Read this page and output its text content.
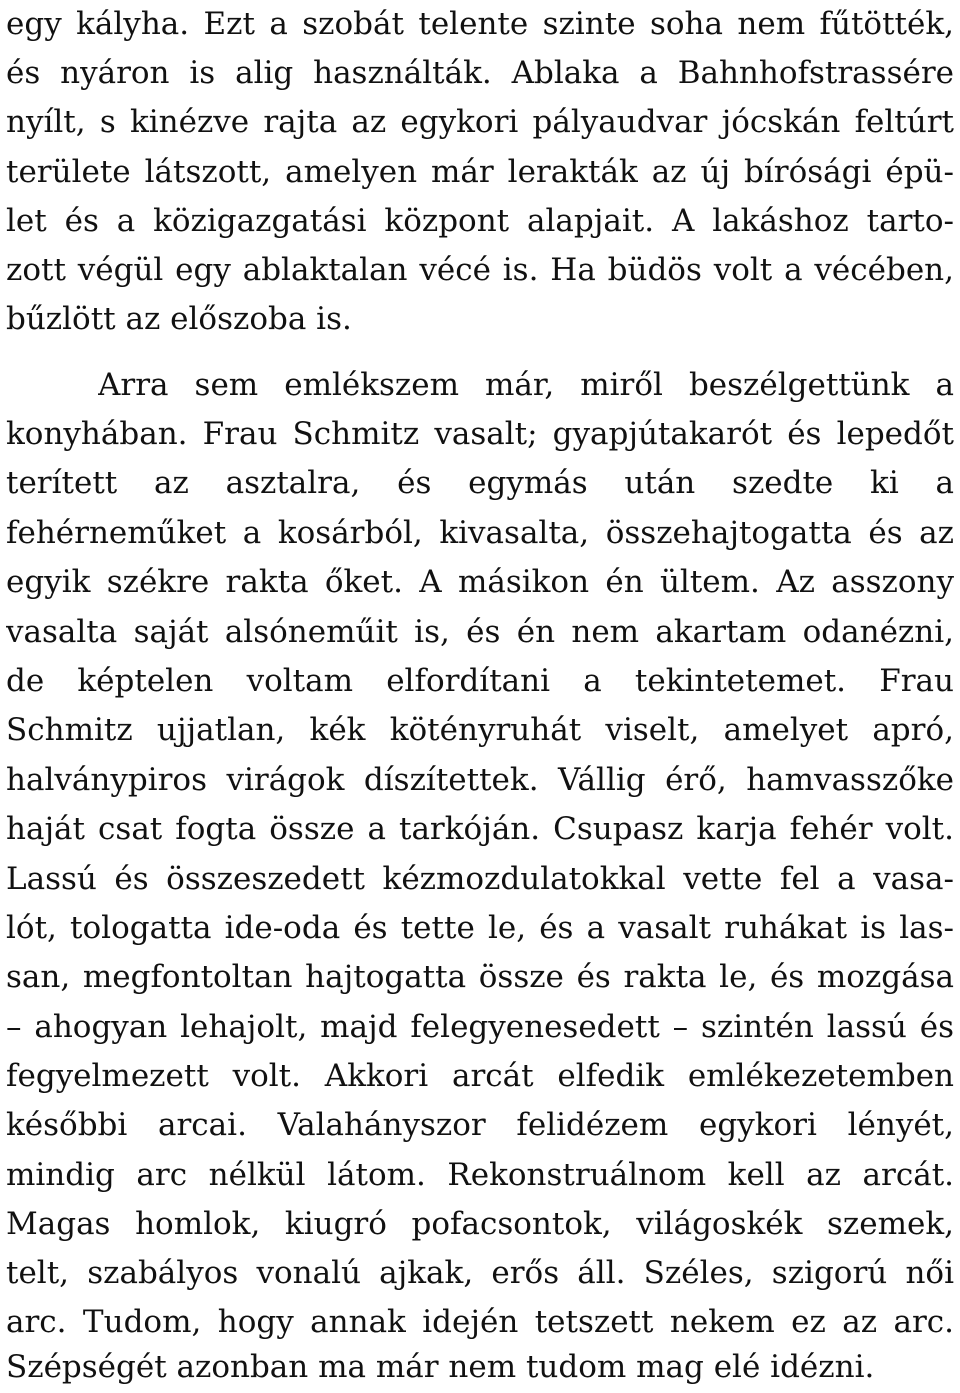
egy kályha. Ezt a szobát telente szinte soha nem fűtötték,
és nyáron is alig használták. Ablaka a Bahnhofstrassére
nyílt, s kinézve rajta az egykori pályaudvar jócskán feltúrt
területe látszott, amelyen már lerakták az új bírósági épü-
let és a közigazgatási központ alapjait. A lakáshoz tarto-
zott végül egy ablaktalan vécé is. Ha büdös volt a vécében,
bűzlött az előszoba is.
Arra sem emlékszem már, miről beszélgettünk a
konyhában. Frau Schmitz vasalt; gyapjútakarót és lepedőt
terített az asztalra, és egymás után szedte ki a
fehérneműket a kosárból, kivasalta, összehajtogatta és az
egyik székre rakta őket. A másikon én ültem. Az asszony
vasalta saját alsóneműit is, és én nem akartam odanézni,
de képtelen voltam elfordítani a tekintetemet. Frau
Schmitz ujjatlan, kék kötényruhát viselt, amelyet apró,
halványpiros virágok díszítettek. Vállig érő, hamvasszőke
haját csat fogta össze a tarkóján. Csupasz karja fehér volt.
Lassú és összeszedett kézmozdulatokkal vette fel a vasa-
lót, tologatta ide-oda és tette le, és a vasalt ruhákat is las-
san, megfontoltan hajtogatta össze és rakta le, és mozgása
– ahogyan lehajolt, majd felegyenesedett – szintén lassú és
fegyelmezett volt. Akkori arcát elfedik emlékezetemben
későbbi arcai. Valahányszor felidézem egykori lényét,
mindig arc nélkül látom. Rekonstruálnom kell az arcát.
Magas homlok, kiugró pofacsontok, világoskék szemek,
telt, szabályos vonalú ajkak, erős áll. Széles, szigorú női
arc. Tudom, hogy annak idején tetszett nekem ez az arc.
Szépségét azonban ma már nem tudom mag elé idézni.
